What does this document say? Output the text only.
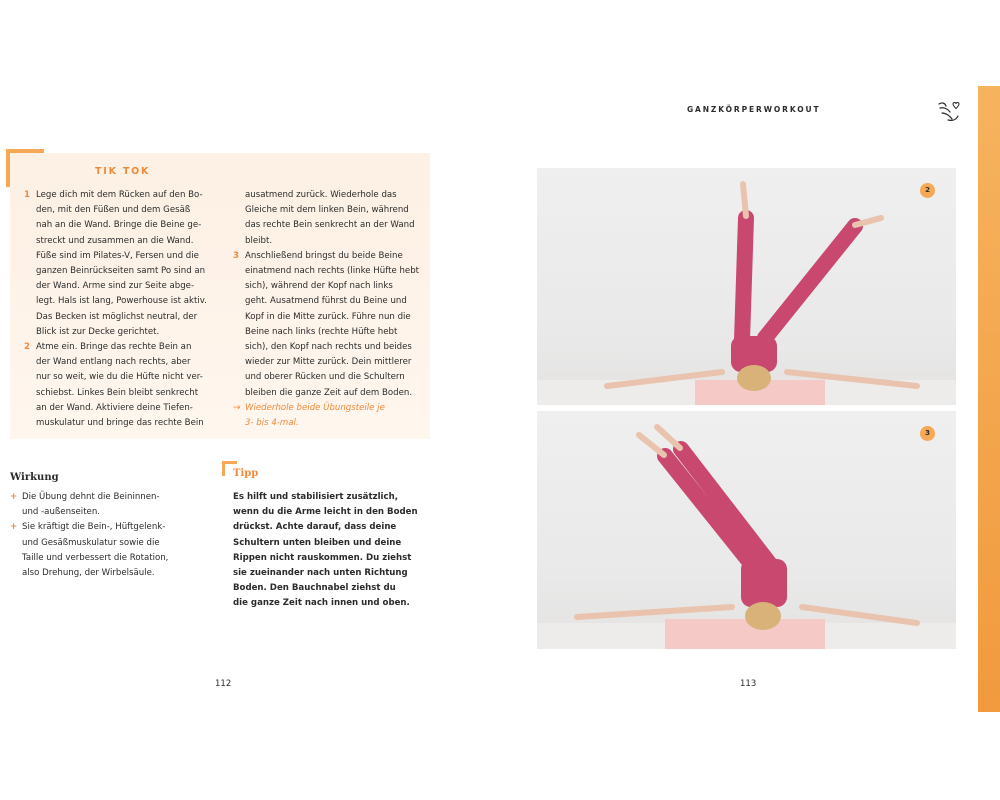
TIK TOK

1 Lege dich mit dem Rücken auf den Bo-

den, mit den Füßen und dem Gesäß

nah an die Wand. Bringe die Beine ge-

streckt und zusammen an die Wand.

Füße sind im Pilates-V, Fersen und die

ganzen Beinrückseiten samt Po sind an

der Wand. Arme sind zur Seite abge-

legt. Hals ist lang, Powerhouse ist aktiv.

Das Becken ist möglichst neutral, der

Blick ist zur Decke gerichtet.

2 Atme ein. Bringe das rechte Bein an

der Wand entlang nach rechts, aber

nur so weit, wie du die Hüfte nicht ver-

schiebst. Linkes Bein bleibt senkrecht

an der Wand. Aktiviere deine Tiefen-

muskulatur und bringe das rechte Bein

ausatmend zurück. Wiederhole das

Gleiche mit dem linken Bein, während

das rechte Bein senkrecht an der Wand

bleibt.

3 Anschließend bringst du beide Beine

einatmend nach rechts (linke Hüfte hebt

sich), während der Kopf nach links

geht. Ausatmend führst du Beine und

Kopf in die Mitte zurück. Führe nun die

Beine nach links (rechte Hüfte hebt

sich), den Kopf nach rechts und beides

wieder zur Mitte zurück. Dein mittlerer

und oberer Rücken und die Schultern

bleiben die ganze Zeit auf dem Boden.

→ Wiederhole beide Übungsteile je

3- bis 4-mal.

Wirkung

+ Die Übung dehnt die Beininnen-

und -außenseiten.

+ Sie kräftigt die Bein-, Hüftgelenk-

und Gesäßmuskulatur sowie die

Taille und verbessert die Rotation,

also Drehung, der Wirbelsäule.

Tipp

Es hilft und stabilisiert zusätzlich,

wenn du die Arme leicht in den Boden

drückst. Achte darauf, dass deine

Schultern unten bleiben und deine

Rippen nicht rauskommen. Du ziehst

sie zueinander nach unten Richtung

Boden. Den Bauchnabel ziehst du

die ganze Zeit nach innen und oben.

112
GANZKÖRPERWORKOUT
2
3
113
